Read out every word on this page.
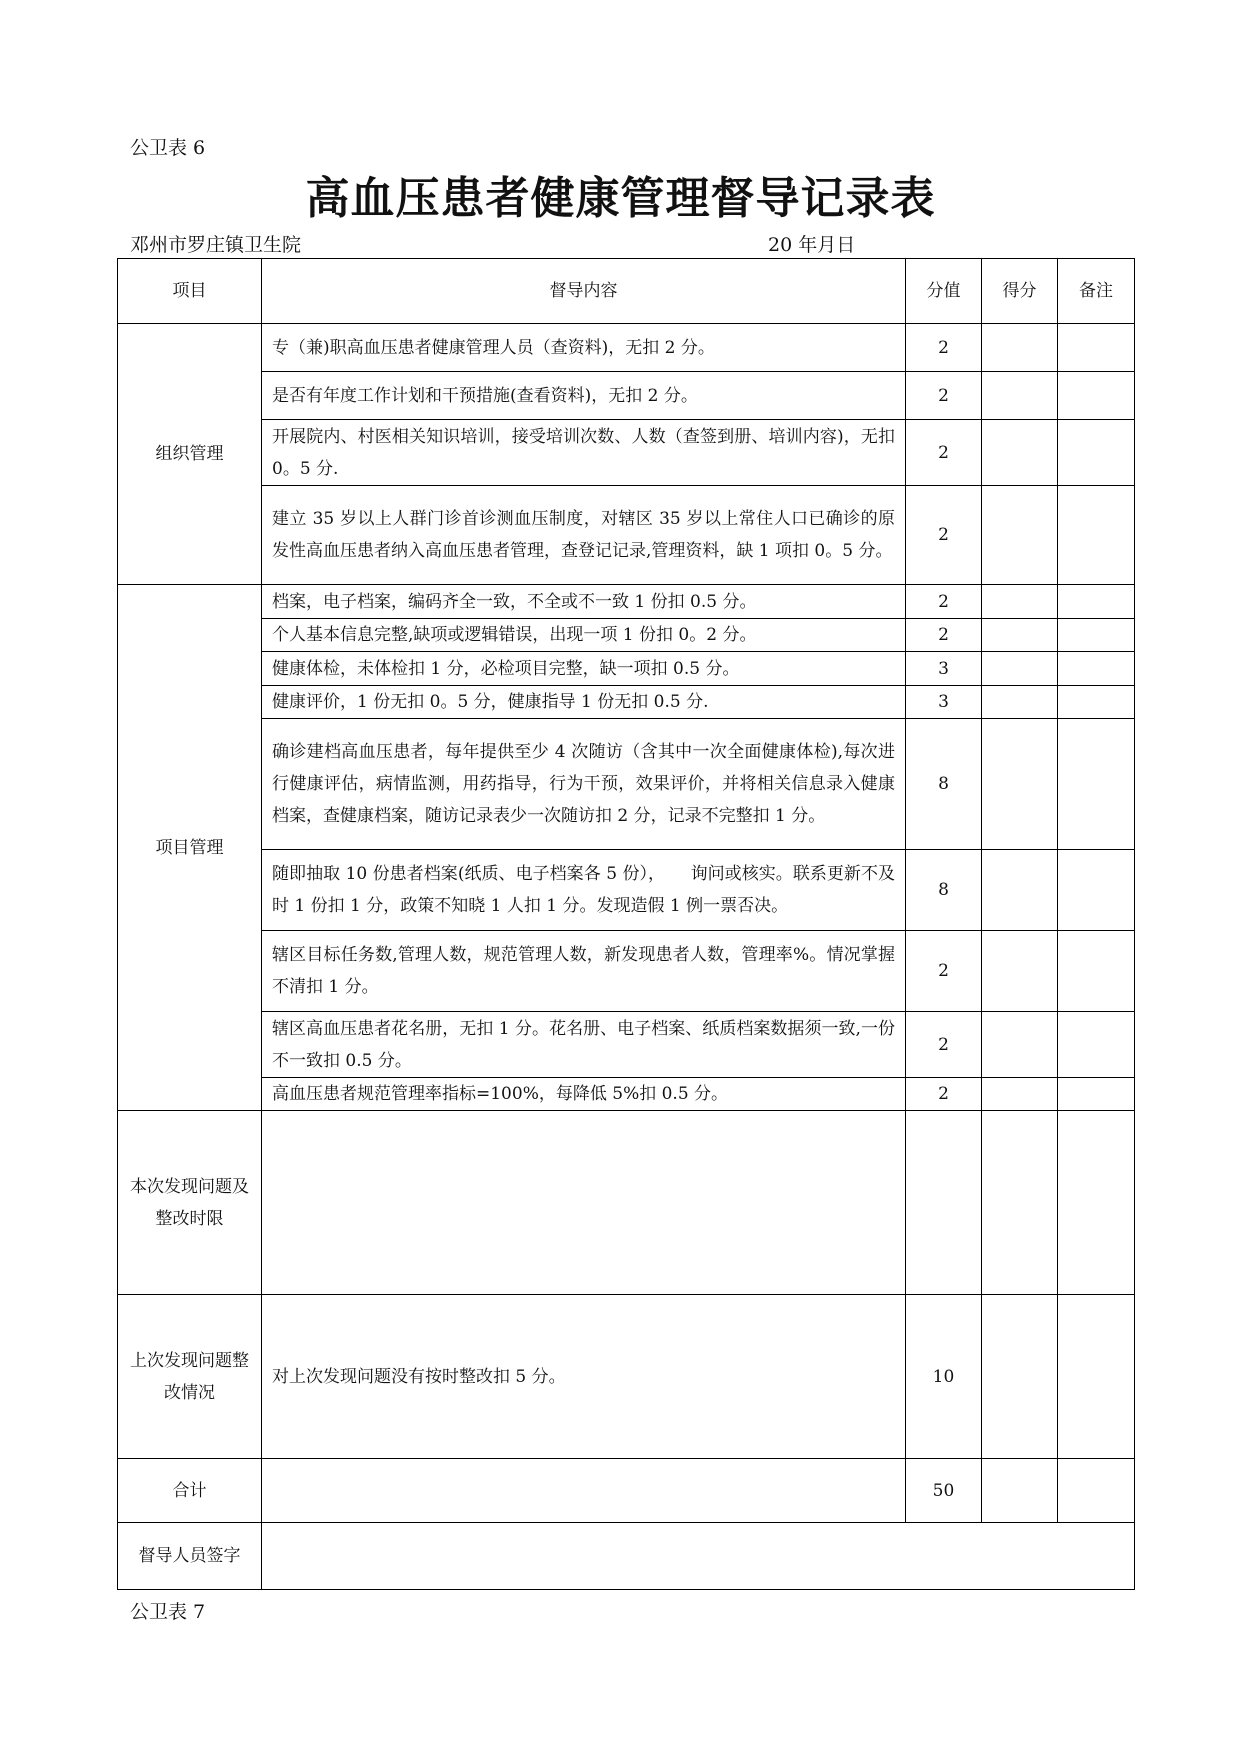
公卫表 6
高血压患者健康管理督导记录表
邓州市罗庄镇卫生院	20 年月日
项目	督导内容	分值	得分	备注
组织管理	专（兼)职高血压患者健康管理人员（查资料)，无扣 2 分。	2		
	是否有年度工作计划和干预措施(查看资料)，无扣 2 分。	2		
	开展院内、村医相关知识培训，接受培训次数、人数（查签到册、培训内容)，无扣 0。5 分.	2		
	建立 35 岁以上人群门诊首诊测血压制度，对辖区 35 岁以上常住人口已确诊的原发性高血压患者纳入高血压患者管理，查登记记录,管理资料，缺 1 项扣 0。5 分。	2		
项目管理	档案，电子档案，编码齐全一致，不全或不一致 1 份扣 0.5 分。	2		
	个人基本信息完整,缺项或逻辑错误，出现一项 1 份扣 0。2 分。	2		
	健康体检，未体检扣 1 分，必检项目完整，缺一项扣 0.5 分。	3		
	健康评价，1 份无扣 0。5 分，健康指导 1 份无扣 0.5 分.	3		
	确诊建档高血压患者，每年提供至少 4 次随访（含其中一次全面健康体检),每次进行健康评估，病情监测，用药指导，行为干预，效果评价，并将相关信息录入健康档案，查健康档案，随访记录表少一次随访扣 2 分，记录不完整扣 1 分。	8		
	随即抽取 10 份患者档案(纸质、电子档案各 5 份），　　询问或核实。联系更新不及时 1 份扣 1 分，政策不知晓 1 人扣 1 分。发现造假 1 例一票否决。	8		
	辖区目标任务数,管理人数，规范管理人数，新发现患者人数，管理率%。情况掌握不清扣 1 分。	2		
	辖区高血压患者花名册，无扣 1 分。花名册、电子档案、纸质档案数据须一致,一份不一致扣 0.5 分。	2		
	高血压患者规范管理率指标=100%，每降低 5%扣 0.5 分。	2		
本次发现问题及整改时限				
上次发现问题整改情况	对上次发现问题没有按时整改扣 5 分。	10		
合计		50		
督导人员签字				
公卫表 7
